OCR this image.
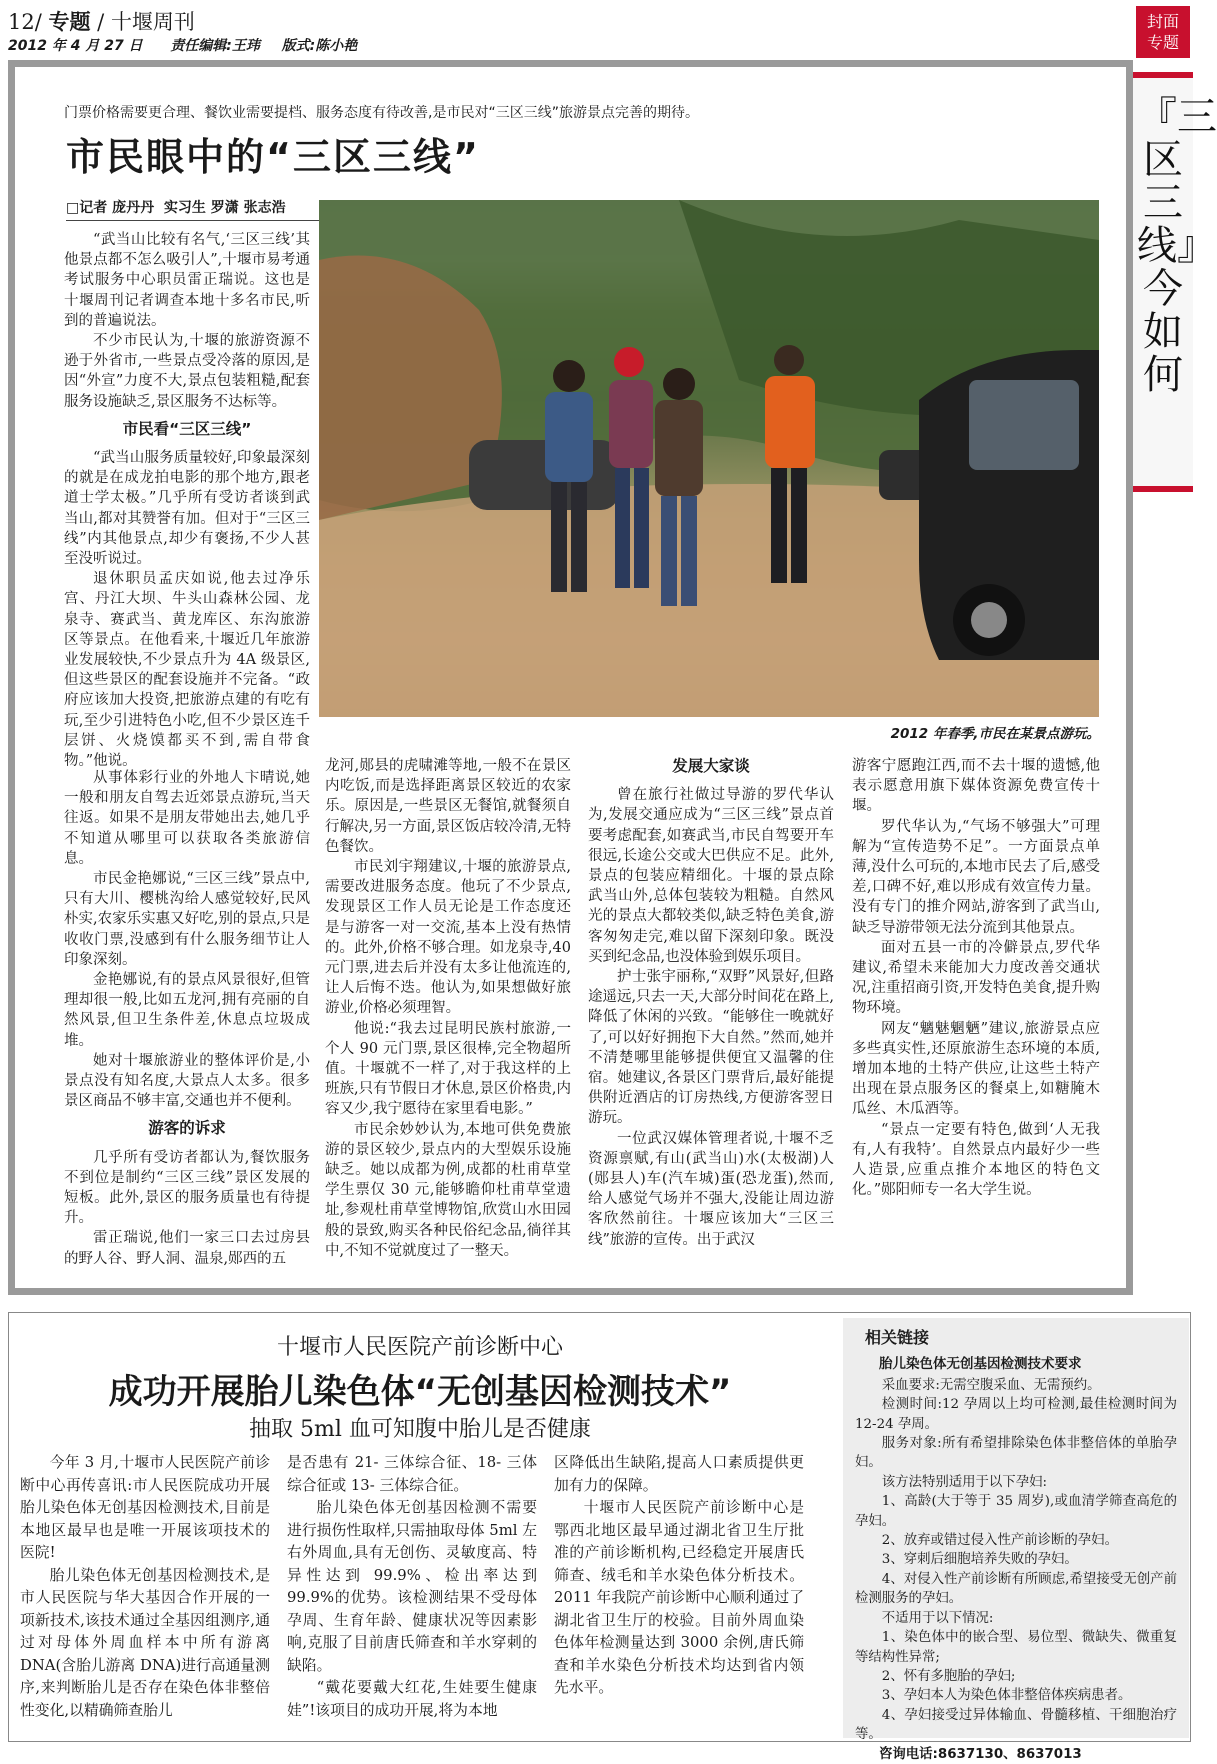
12/ 专题 / 十堰周刊
2012 年 4 月 27 日 责任编辑:王玮 版式:陈小艳
封面
专题
『三区三线』今如何
门票价格需要更合理、餐饮业需要提档、服务态度有待改善,是市民对“三区三线”旅游景点完善的期待。
市民眼中的“三区三线”
□记者 庞丹丹  实习生 罗潇 张志浩
2012 年春季,市民在某景点游玩。

“武当山比较有名气,‘三区三线’其他景点都不怎么吸引人”,十堰市易考通考试服务中心职员雷正瑞说。这也是十堰周刊记者调查本地十多名市民,听到的普遍说法。

不少市民认为,十堰的旅游资源不逊于外省市,一些景点受冷落的原因,是因“外宣”力度不大,景点包装粗糙,配套服务设施缺乏,景区服务不达标等。

市民看“三区三线”

“武当山服务质量较好,印象最深刻的就是在成龙拍电影的那个地方,跟老道士学太极。”几乎所有受访者谈到武当山,都对其赞誉有加。但对于“三区三线”内其他景点,却少有褒扬,不少人甚至没听说过。

退休职员孟庆如说,他去过净乐宫、丹江大坝、牛头山森林公园、龙泉寺、赛武当、黄龙库区、东沟旅游区等景点。在他看来,十堰近几年旅游业发展较快,不少景点升为 4A 级景区,但这些景区的配套设施并不完备。“政府应该加大投资,把旅游点建的有吃有玩,至少引进特色小吃,但不少景区连千层饼、火烧馍都买不到,需自带食物。”他说。

从事体彩行业的外地人卞晴说,她一般和朋友自驾去近郊景点游玩,当天往返。如果不是朋友带她出去,她几乎不知道从哪里可以获取各类旅游信息。

市民金艳娜说,“三区三线”景点中,只有大川、樱桃沟给人感觉较好,民风朴实,农家乐实惠又好吃,别的景点,只是收收门票,没感到有什么服务细节让人印象深刻。

金艳娜说,有的景点风景很好,但管理却很一般,比如五龙河,拥有亮丽的自然风景,但卫生条件差,休息点垃圾成堆。

她对十堰旅游业的整体评价是,小景点没有知名度,大景点人太多。很多景区商品不够丰富,交通也并不便利。

游客的诉求

几乎所有受访者都认为,餐饮服务不到位是制约“三区三线”景区发展的短板。此外,景区的服务质量也有待提升。

雷正瑞说,他们一家三口去过房县的野人谷、野人洞、温泉,郧西的五

龙河,郧县的虎啸滩等地,一般不在景区内吃饭,而是选择距离景区较近的农家乐。原因是,一些景区无餐馆,就餐须自行解决,另一方面,景区饭店较冷清,无特色餐饮。

市民刘宇翔建议,十堰的旅游景点,需要改进服务态度。他玩了不少景点,发现景区工作人员无论是工作态度还是与游客一对一交流,基本上没有热情的。此外,价格不够合理。如龙泉寺,40 元门票,进去后并没有太多让他流连的,让人后悔不迭。他认为,如果想做好旅游业,价格必须理智。

他说:“我去过昆明民族村旅游,一个人 90 元门票,景区很棒,完全物超所值。十堰就不一样了,对于我这样的上班族,只有节假日才休息,景区价格贵,内容又少,我宁愿待在家里看电影。”

市民余妙妙认为,本地可供免费旅游的景区较少,景点内的大型娱乐设施缺乏。她以成都为例,成都的杜甫草堂学生票仅 30 元,能够瞻仰杜甫草堂遗址,参观杜甫草堂博物馆,欣赏山水田园般的景致,购买各种民俗纪念品,徜徉其中,不知不觉就度过了一整天。

发展大家谈

曾在旅行社做过导游的罗代华认为,发展交通应成为“三区三线”景点首要考虑配套,如赛武当,市民自驾要开车很远,长途公交或大巴供应不足。此外,景点的包装应精细化。十堰的景点除武当山外,总体包装较为粗糙。自然风光的景点大都较类似,缺乏特色美食,游客匆匆走完,难以留下深刻印象。既没买到纪念品,也没体验到娱乐项目。

护士张宇丽称,“双野”风景好,但路途遥远,只去一天,大部分时间花在路上,降低了休闲的兴致。“能够住一晚就好了,可以好好拥抱下大自然。”然而,她并不清楚哪里能够提供便宜又温馨的住宿。她建议,各景区门票背后,最好能提供附近酒店的订房热线,方便游客翌日游玩。

一位武汉媒体管理者说,十堰不乏资源禀赋,有山(武当山)水(太极湖)人(郧县人)车(汽车城)蛋(恐龙蛋),然而,给人感觉气场并不强大,没能让周边游客欣然前往。十堰应该加大“三区三线”旅游的宣传。出于武汉

游客宁愿跑江西,而不去十堰的遗憾,他表示愿意用旗下媒体资源免费宣传十堰。

罗代华认为,“气场不够强大”可理解为“宣传造势不足”。一方面景点单薄,没什么可玩的,本地市民去了后,感受差,口碑不好,难以形成有效宣传力量。没有专门的推介网站,游客到了武当山,缺乏导游带领无法分流到其他景点。

面对五县一市的冷僻景点,罗代华建议,希望未来能加大力度改善交通状况,注重招商引资,开发特色美食,提升购物环境。

网友“魑魅魍魉”建议,旅游景点应多些真实性,还原旅游生态环境的本质,增加本地的土特产供应,让这些土特产出现在景点服务区的餐桌上,如糖腌木瓜丝、木瓜酒等。

“景点一定要有特色,做到‘人无我有,人有我特’。自然景点内最好少一些人造景,应重点推介本地区的特色文化。”郧阳师专一名大学生说。

十堰市人民医院产前诊断中心
成功开展胎儿染色体“无创基因检测技术”
抽取 5ml 血可知腹中胎儿是否健康

今年 3 月,十堰市人民医院产前诊断中心再传喜讯:市人民医院成功开展胎儿染色体无创基因检测技术,目前是本地区最早也是唯一开展该项技术的医院!

胎儿染色体无创基因检测技术,是市人民医院与华大基因合作开展的一项新技术,该技术通过全基因组测序,通过对母体外周血样本中所有游离 DNA(含胎儿游离 DNA)进行高通量测序,来判断胎儿是否存在染色体非整倍性变化,以精确筛查胎儿

是否患有 21- 三体综合征、18- 三体综合征或 13- 三体综合征。

胎儿染色体无创基因检测不需要进行损伤性取样,只需抽取母体 5ml 左右外周血,具有无创伤、灵敏度高、特异性达到 99.9%、检出率达到 99.9%的优势。该检测结果不受母体孕周、生育年龄、健康状况等因素影响,克服了目前唐氏筛查和羊水穿刺的缺陷。

“戴花要戴大红花,生娃要生健康娃”!该项目的成功开展,将为本地

区降低出生缺陷,提高人口素质提供更加有力的保障。

十堰市人民医院产前诊断中心是鄂西北地区最早通过湖北省卫生厅批准的产前诊断机构,已经稳定开展唐氏筛查、绒毛和羊水染色体分析技术。2011 年我院产前诊断中心顺利通过了湖北省卫生厅的校验。目前外周血染色体年检测量达到 3000 余例,唐氏筛查和羊水染色分析技术均达到省内领先水平。

相关链接
胎儿染色体无创基因检测技术要求

采血要求:无需空腹采血、无需预约。

检测时间:12 孕周以上均可检测,最佳检测时间为 12-24 孕周。

服务对象:所有希望排除染色体非整倍体的单胎孕妇。

该方法特别适用于以下孕妇:

1、高龄(大于等于 35 周岁),或血清学筛查高危的孕妇。

2、放弃或错过侵入性产前诊断的孕妇。

3、穿刺后细胞培养失败的孕妇。

4、对侵入性产前诊断有所顾虑,希望接受无创产前检测服务的孕妇。

不适用于以下情况:

1、染色体中的嵌合型、易位型、微缺失、微重复等结构性异常;

2、怀有多胞胎的孕妇;

3、孕妇本人为染色体非整倍体疾病患者。

4、孕妇接受过异体输血、骨髓移植、干细胞治疗等。

咨询电话:8637130、8637013
